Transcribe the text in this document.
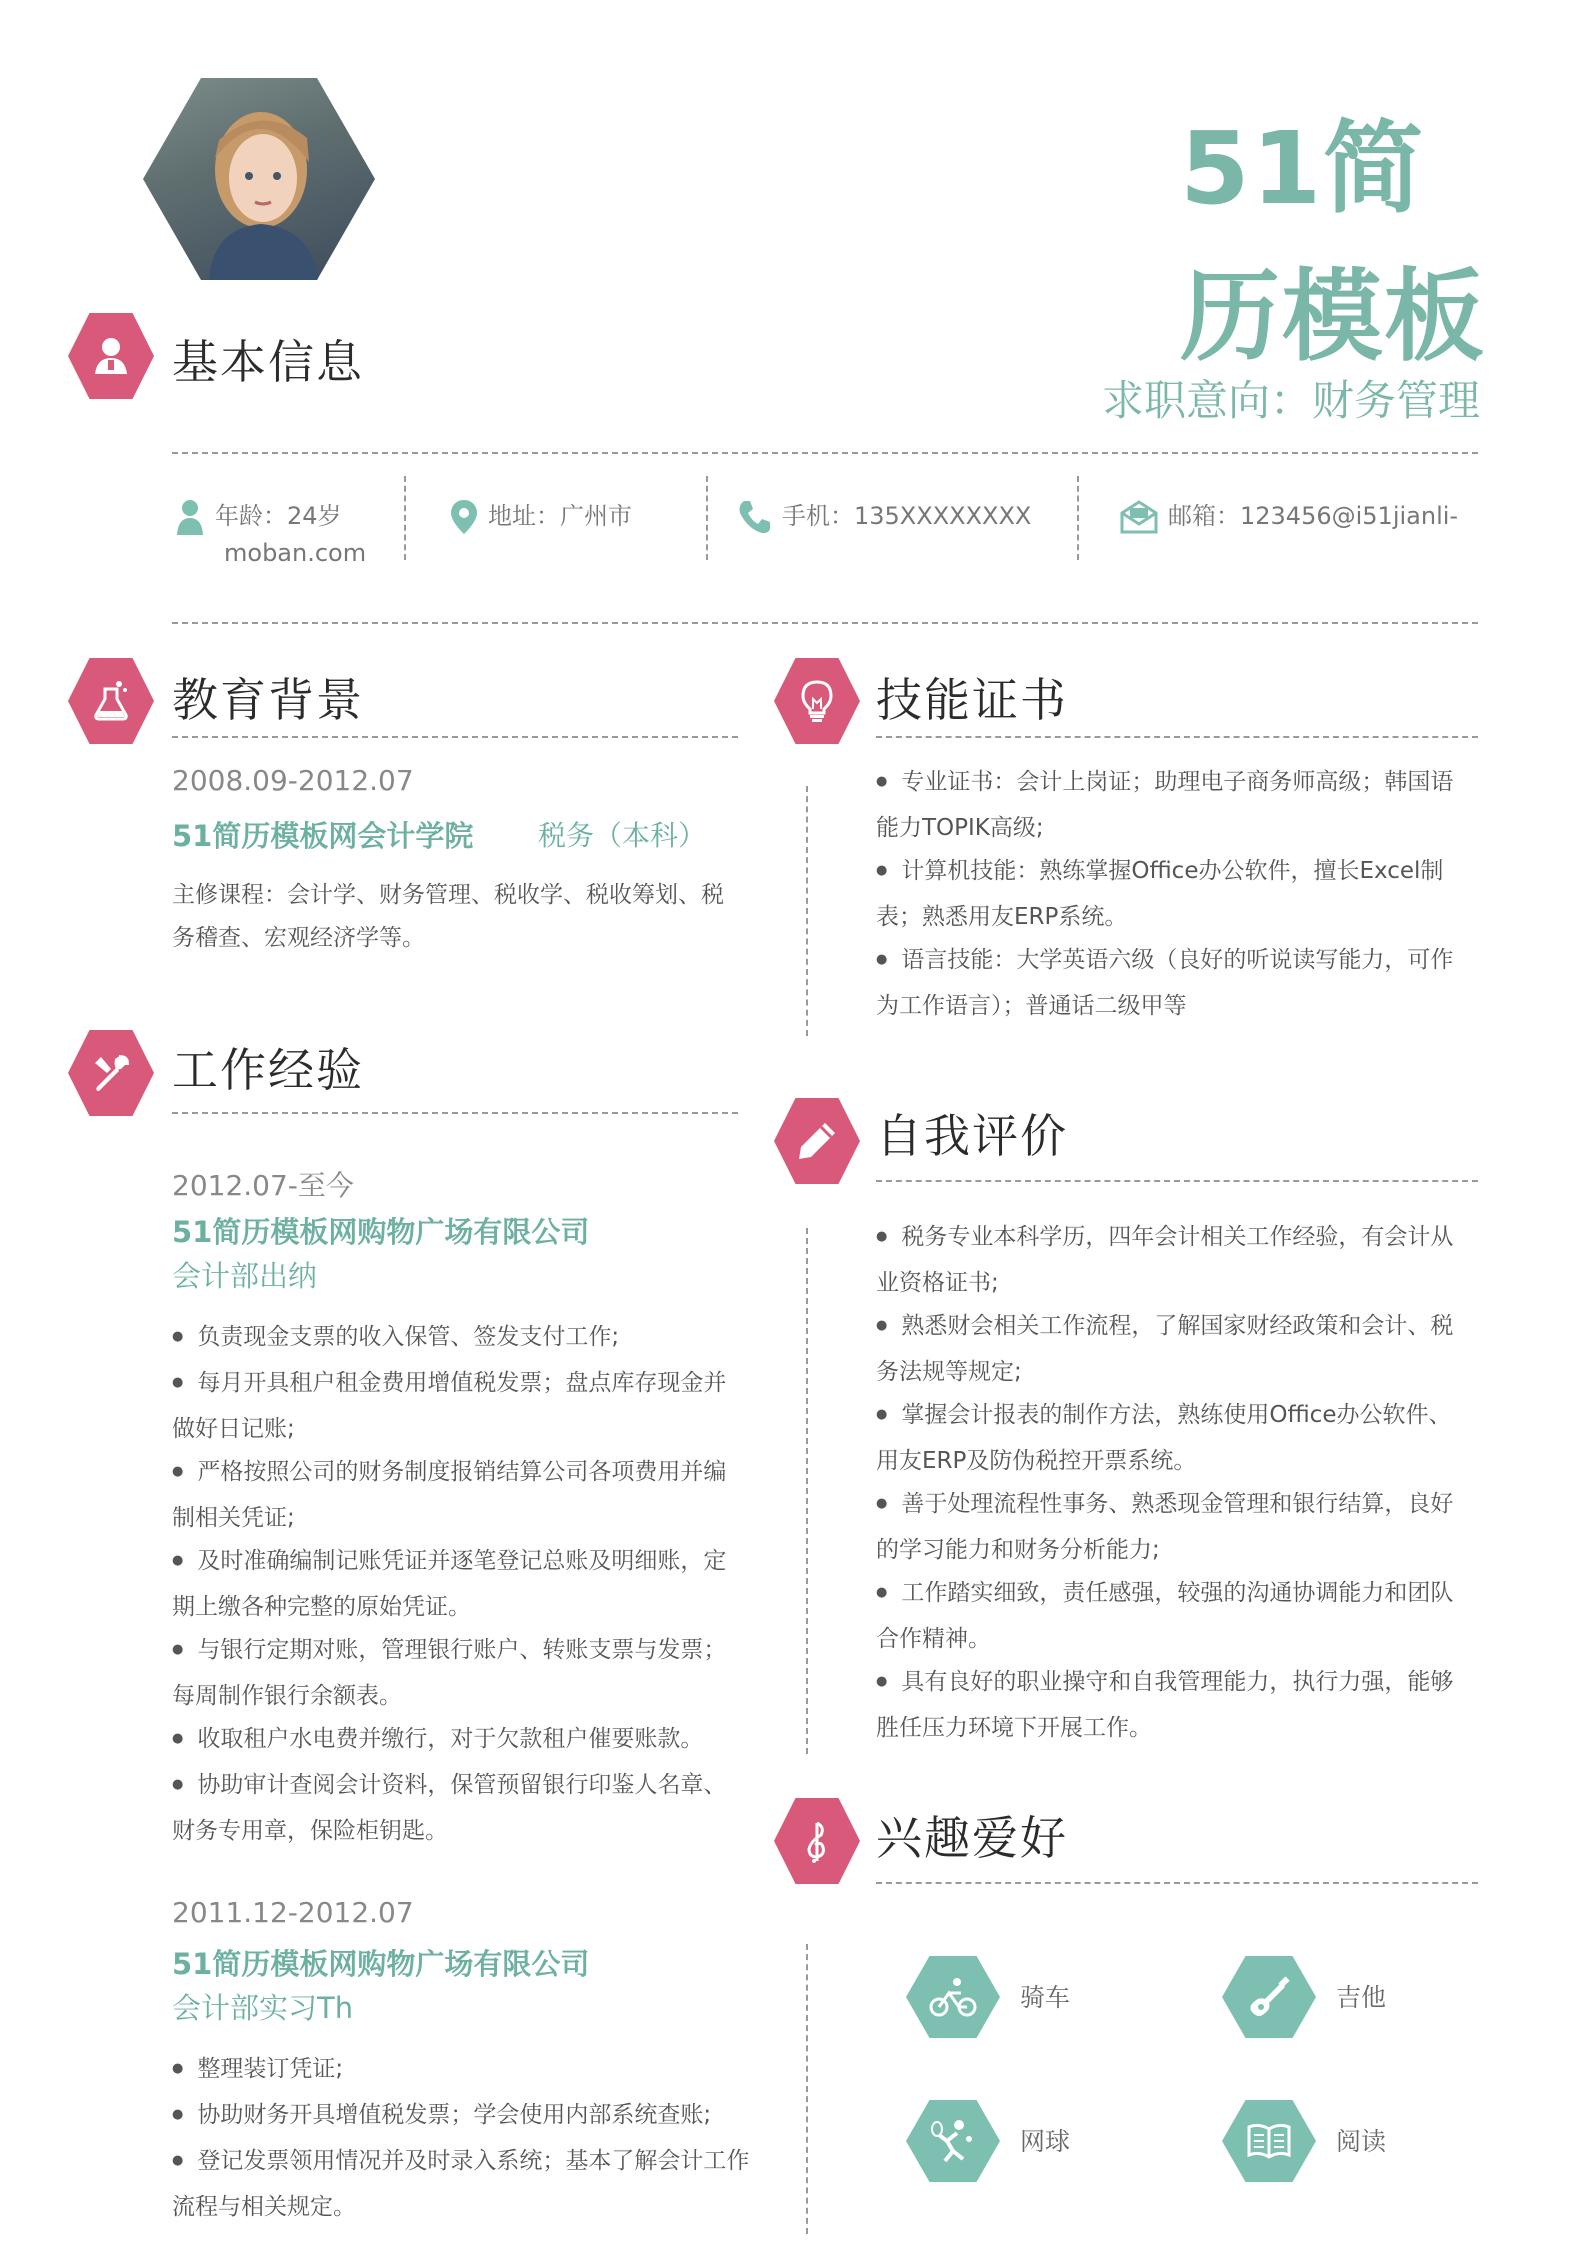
51简历模板
求职意向：财务管理
基本信息
年龄：24岁
moban.com
地址：广州市	手机：135XXXXXXXX	邮箱：123456@i51jianli-
教育背景
2008.09-2012.07
51简历模板网会计学院 税务（本科）
主修课程：会计学、财务管理、税收学、税收筹划、税务稽查、宏观经济学等。
工作经验
2012.07-至今
51简历模板网购物广场有限公司
会计部出纳
● 负责现金支票的收入保管、签发支付工作;
● 每月开具租户租金费用增值税发票；盘点库存现金并做好日记账;
● 严格按照公司的财务制度报销结算公司各项费用并编制相关凭证;
● 及时准确编制记账凭证并逐笔登记总账及明细账，定期上缴各种完整的原始凭证。
● 与银行定期对账，管理银行账户、转账支票与发票；每周制作银行余额表。
● 收取租户水电费并缴行，对于欠款租户催要账款。
● 协助审计查阅会计资料，保管预留银行印鉴人名章、财务专用章，保险柜钥匙。
2011.12-2012.07
51简历模板网购物广场有限公司
会计部实习Th
● 整理装订凭证;
● 协助财务开具增值税发票；学会使用内部系统查账;
● 登记发票领用情况并及时录入系统；基本了解会计工作流程与相关规定。
技能证书
● 专业证书：会计上岗证；助理电子商务师高级；韩国语能力TOPIK高级;
● 计算机技能：熟练掌握Office办公软件，擅长Excel制表；熟悉用友ERP系统。
● 语言技能：大学英语六级（良好的听说读写能力，可作为工作语言）；普通话二级甲等
自我评价
● 税务专业本科学历，四年会计相关工作经验，有会计从业资格证书;
● 熟悉财会相关工作流程，了解国家财经政策和会计、税务法规等规定;
● 掌握会计报表的制作方法，熟练使用Office办公软件、用友ERP及防伪税控开票系统。
● 善于处理流程性事务、熟悉现金管理和银行结算，良好的学习能力和财务分析能力;
● 工作踏实细致，责任感强，较强的沟通协调能力和团队合作精神。
● 具有良好的职业操守和自我管理能力，执行力强，能够胜任压力环境下开展工作。
兴趣爱好
骑车	吉他
网球	阅读
